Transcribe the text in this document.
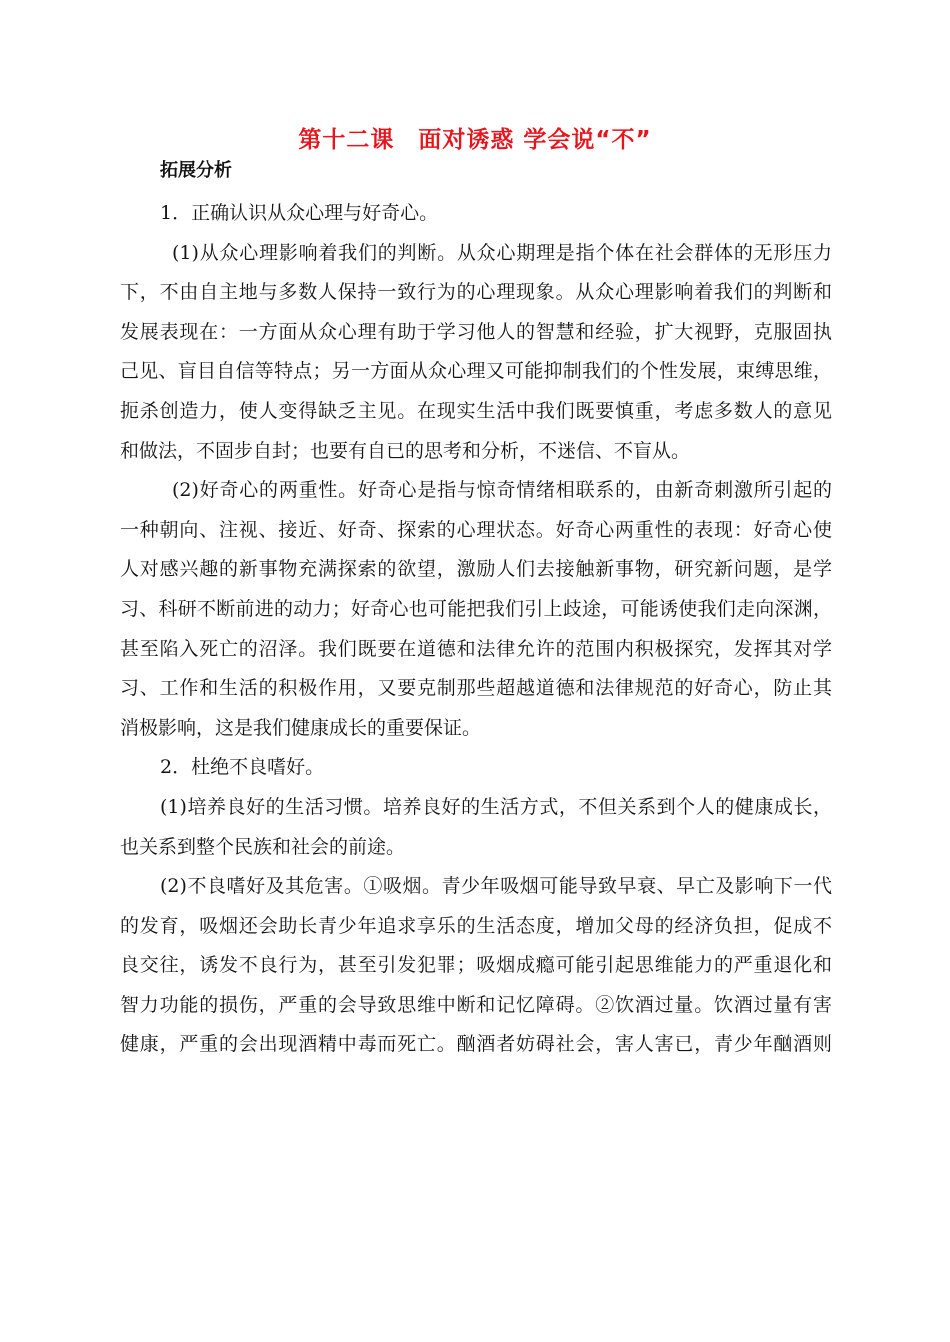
第十二课　面对诱惑 学会说“不”
拓展分析
1．正确认识从众心理与好奇心。
(1)从众心理影响着我们的判断。从众心期理是指个体在社会群体的无形压力
下，不由自主地与多数人保持一致行为的心理现象。从众心理影响着我们的判断和
发展表现在：一方面从众心理有助于学习他人的智慧和经验，扩大视野，克服固执
己见、盲目自信等特点；另一方面从众心理又可能抑制我们的个性发展，束缚思维，
扼杀创造力，使人变得缺乏主见。在现实生活中我们既要慎重，考虑多数人的意见
和做法，不固步自封；也要有自已的思考和分析，不迷信、不盲从。
(2)好奇心的两重性。好奇心是指与惊奇情绪相联系的，由新奇刺激所引起的
一种朝向、注视、接近、好奇、探索的心理状态。好奇心两重性的表现：好奇心使
人对感兴趣的新事物充满探索的欲望，激励人们去接触新事物，研究新问题，是学
习、科研不断前进的动力；好奇心也可能把我们引上歧途，可能诱使我们走向深渊，
甚至陷入死亡的沼泽。我们既要在道德和法律允许的范围内积极探究，发挥其对学
习、工作和生活的积极作用，又要克制那些超越道德和法律规范的好奇心，防止其
消极影响，这是我们健康成长的重要保证。
2．杜绝不良嗜好。
(1)培养良好的生活习惯。培养良好的生活方式，不但关系到个人的健康成长，
也关系到整个民族和社会的前途。
(2)不良嗜好及其危害。①吸烟。青少年吸烟可能导致早衰、早亡及影响下一代
的发育，吸烟还会助长青少年追求享乐的生活态度，增加父母的经济负担，促成不
良交往，诱发不良行为，甚至引发犯罪；吸烟成瘾可能引起思维能力的严重退化和
智力功能的损伤，严重的会导致思维中断和记忆障碍。②饮酒过量。饮酒过量有害
健康，严重的会出现酒精中毒而死亡。酗酒者妨碍社会，害人害已，青少年酗酒则
